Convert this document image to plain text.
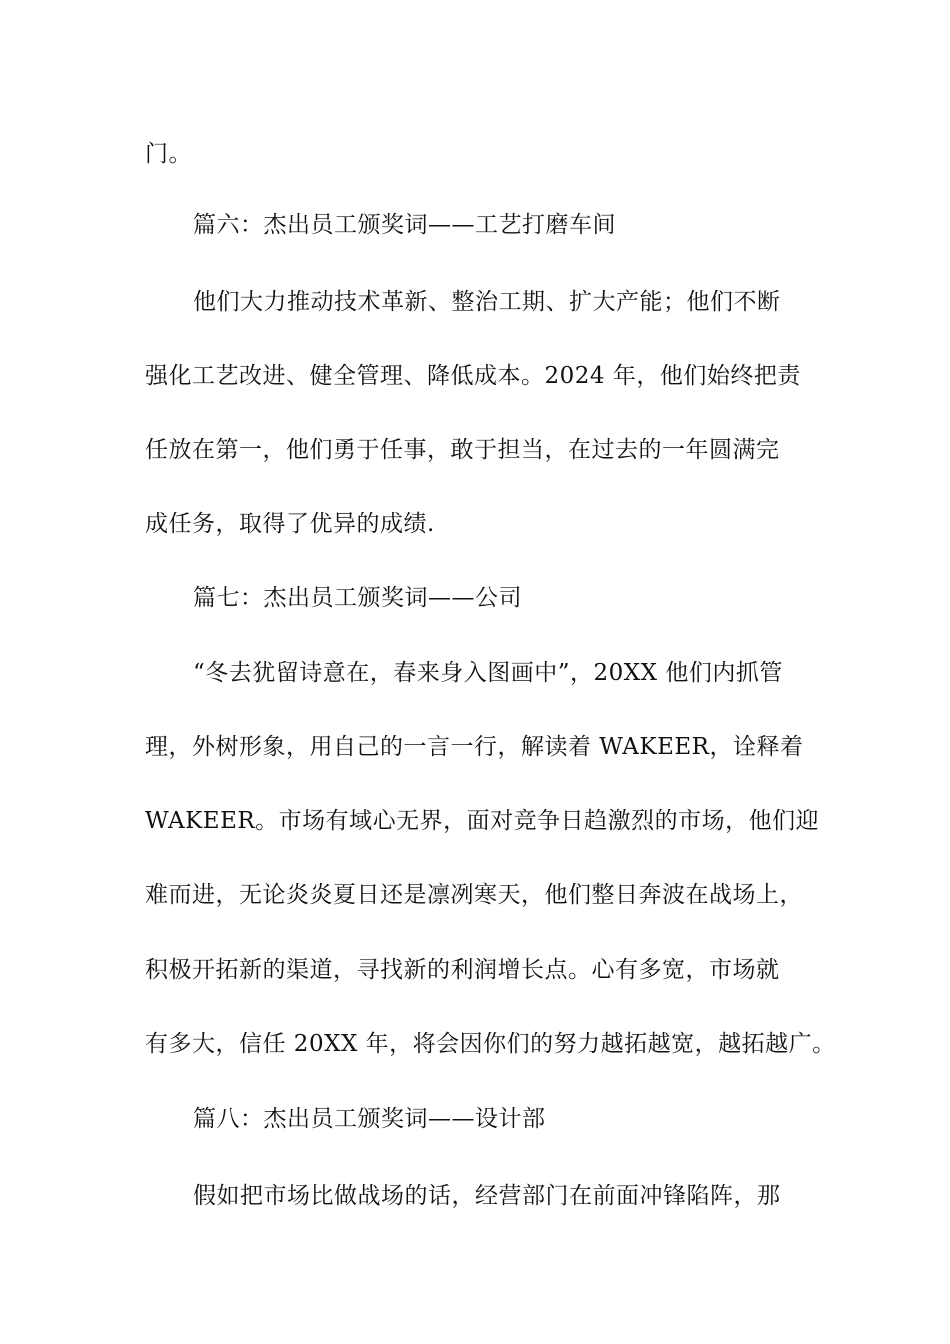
门。
篇六：杰出员工颁奖词——工艺打磨车间
他们大力推动技术革新、整治工期、扩大产能；他们不断
强化工艺改进、健全管理、降低成本。2024 年，他们始终把责
任放在第一，他们勇于任事，敢于担当，在过去的一年圆满完
成任务，取得了优异的成绩.
篇七：杰出员工颁奖词——公司
“冬去犹留诗意在，春来身入图画中”，20XX 他们内抓管
理，外树形象，用自己的一言一行，解读着 WAKEER，诠释着
WAKEER。市场有域心无界，面对竞争日趋激烈的市场，他们迎
难而进，无论炎炎夏日还是凛冽寒天，他们整日奔波在战场上，
积极开拓新的渠道，寻找新的利润增长点。心有多宽，市场就
有多大，信任 20XX 年，将会因你们的努力越拓越宽，越拓越广。
篇八：杰出员工颁奖词——设计部
假如把市场比做战场的话，经营部门在前面冲锋陷阵，那
